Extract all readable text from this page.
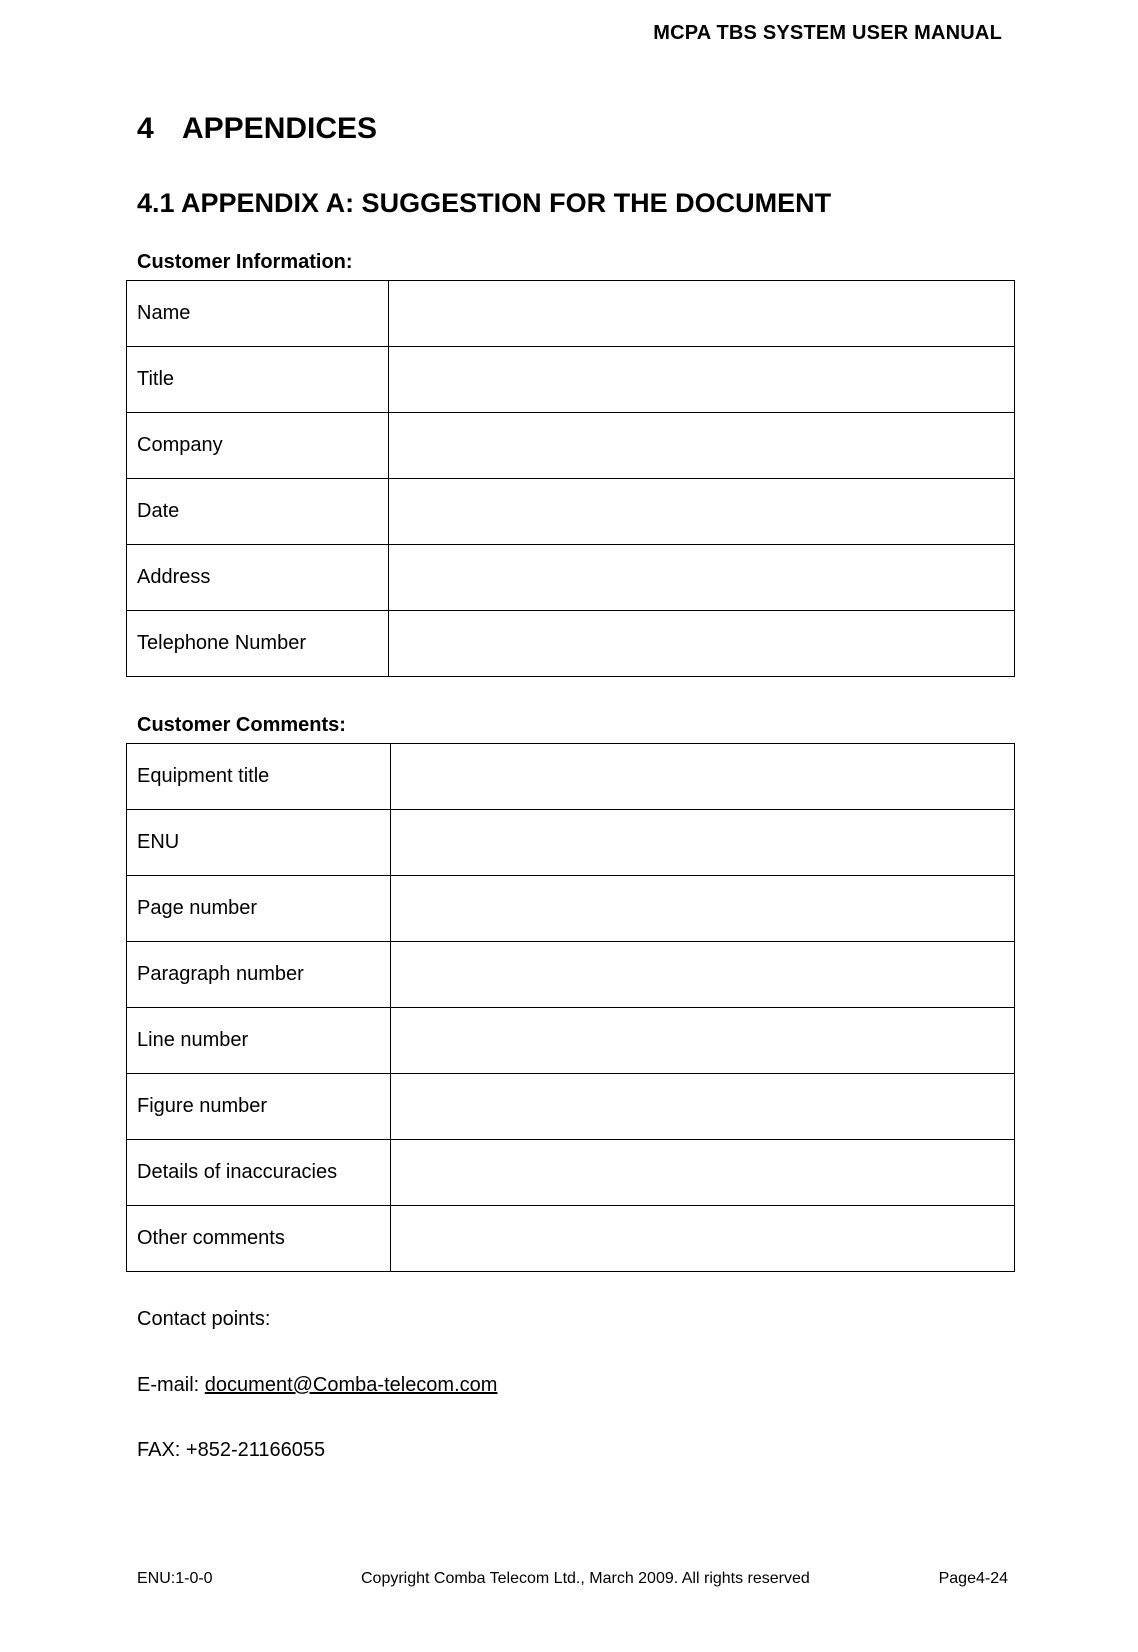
MCPA TBS SYSTEM USER MANUAL
4 APPENDICES
4.1 APPENDIX A: SUGGESTION FOR THE DOCUMENT
Customer Information:
Name	
Title	
Company	
Date	
Address	
Telephone Number	
Customer Comments:
Equipment title	
ENU	
Page number	
Paragraph number	
Line number	
Figure number	
Details of inaccuracies	
Other comments	
Contact points:
E-mail: document@Comba-telecom.com
FAX: +852-21166055
ENU:1-0-0	Copyright Comba Telecom Ltd., March 2009. All rights reserved	Page4-24
